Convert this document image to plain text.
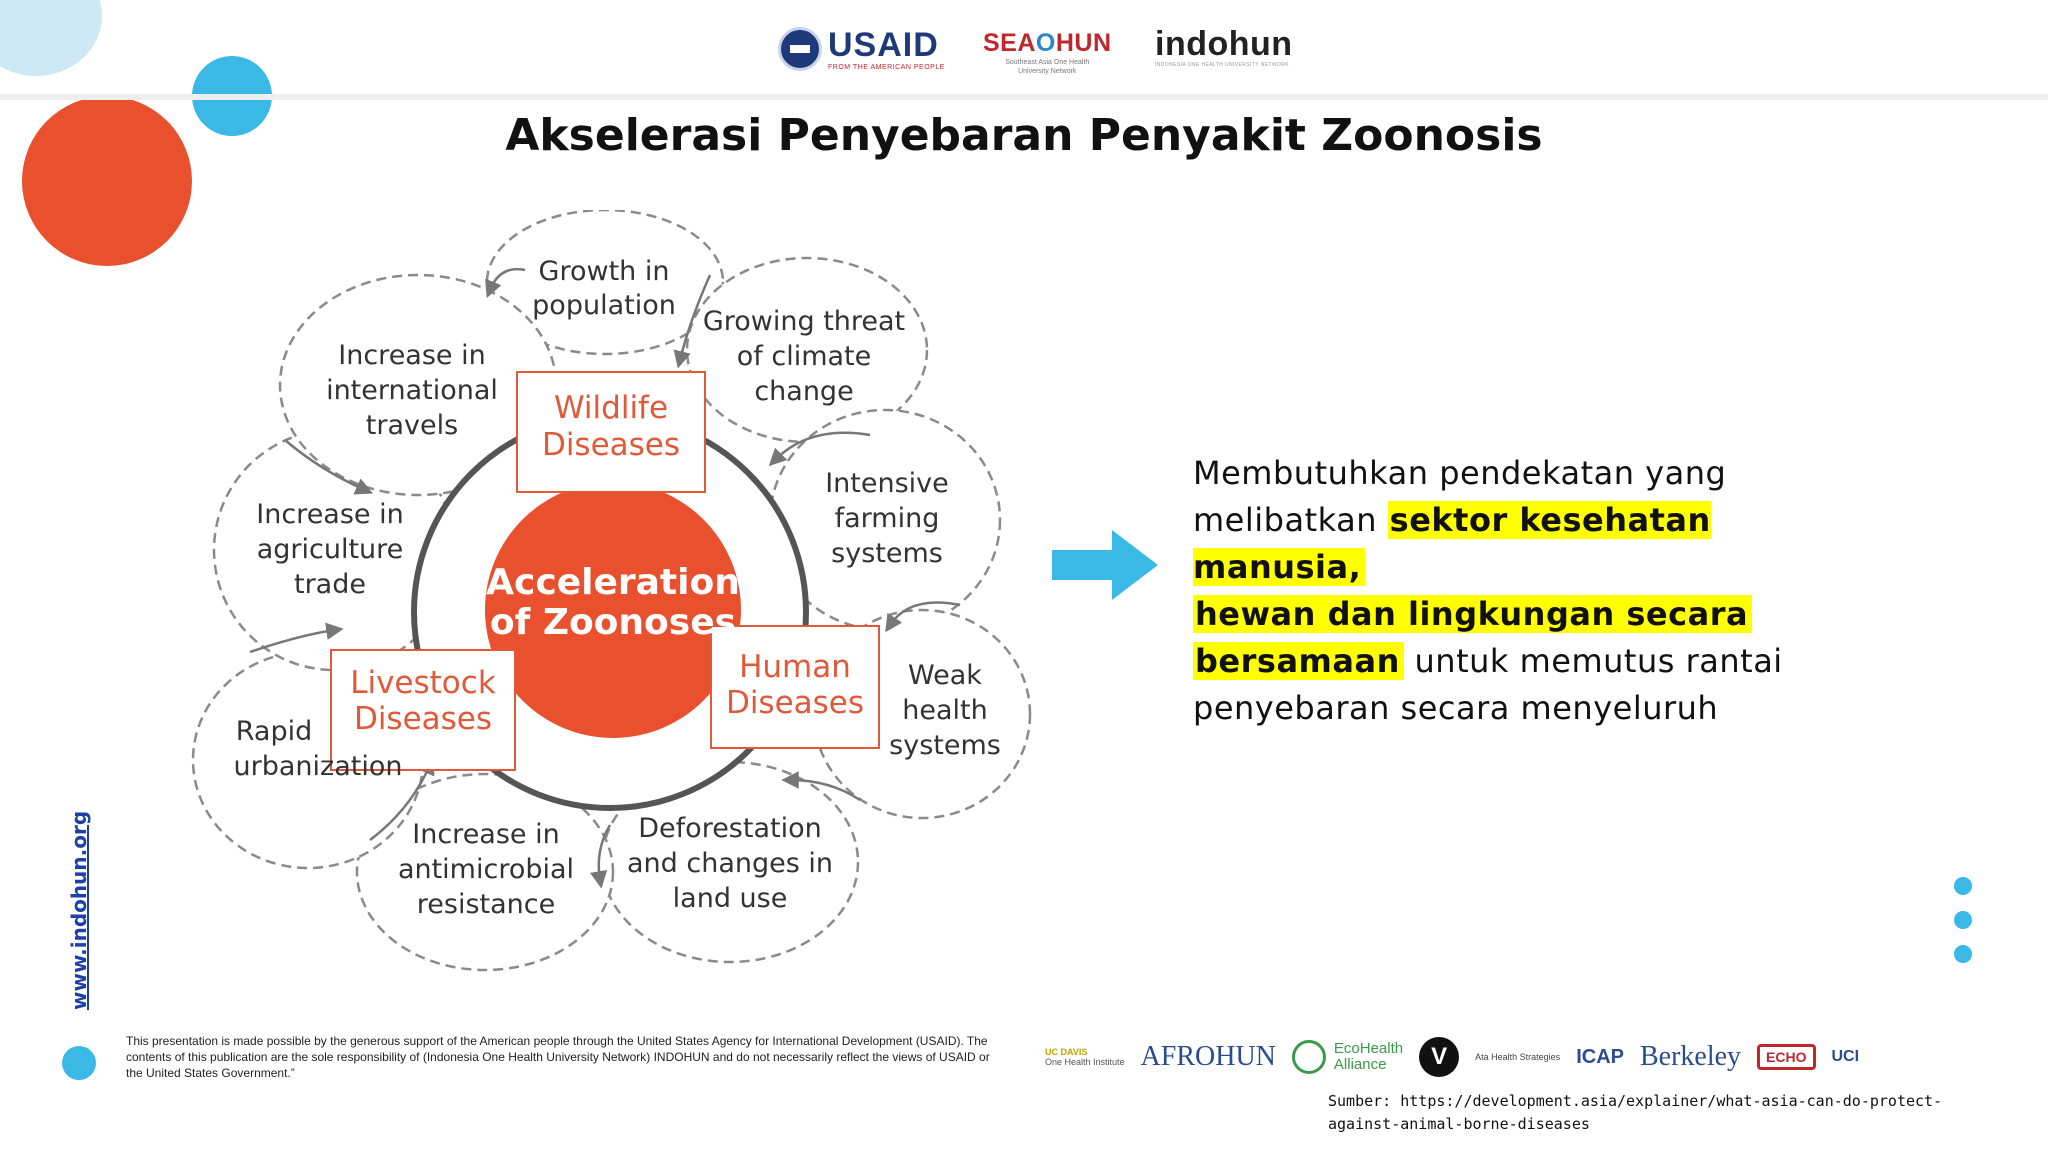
USAID
FROM THE AMERICAN PEOPLE
SEAOHUN
Southeast Asia One Health University Network
indohun
INDONESIA ONE HEALTH UNIVERSITY NETWORK
Akselerasi Penyebaran Penyakit Zoonosis
Growth in population
Growing threat of climate change
Intensive farming systems
Weak health systems
Deforestation and changes in land use
Increase in antimicrobial resistance
Rapid urbanization
Increase in agriculture trade
Increase in international travels	Wildlife Diseases
Livestock Diseases
Human Diseases
Acceleration of Zoonoses
Membutuhkan pendekatan yang
melibatkan sektor kesehatan manusia,
hewan dan lingkungan secara
bersamaan untuk memutus rantai
penyebaran secara menyeluruh
www.indohun.org
This presentation is made possible by the generous support of the American people through the United States Agency for International Development (USAID). The contents of this publication are the sole responsibility of (Indonesia One Health University Network) INDOHUN and do not necessarily reflect the views of USAID or the United States Government.”
UC DAVIS
One Health Institute AFROHUN	EcoHealth
Alliance	V	Ata Health Strategies ICAP Berkeley	ECHO	UCI
Sumber: https://development.asia/explainer/what-asia-can-do-protect-against-animal-borne-diseases
